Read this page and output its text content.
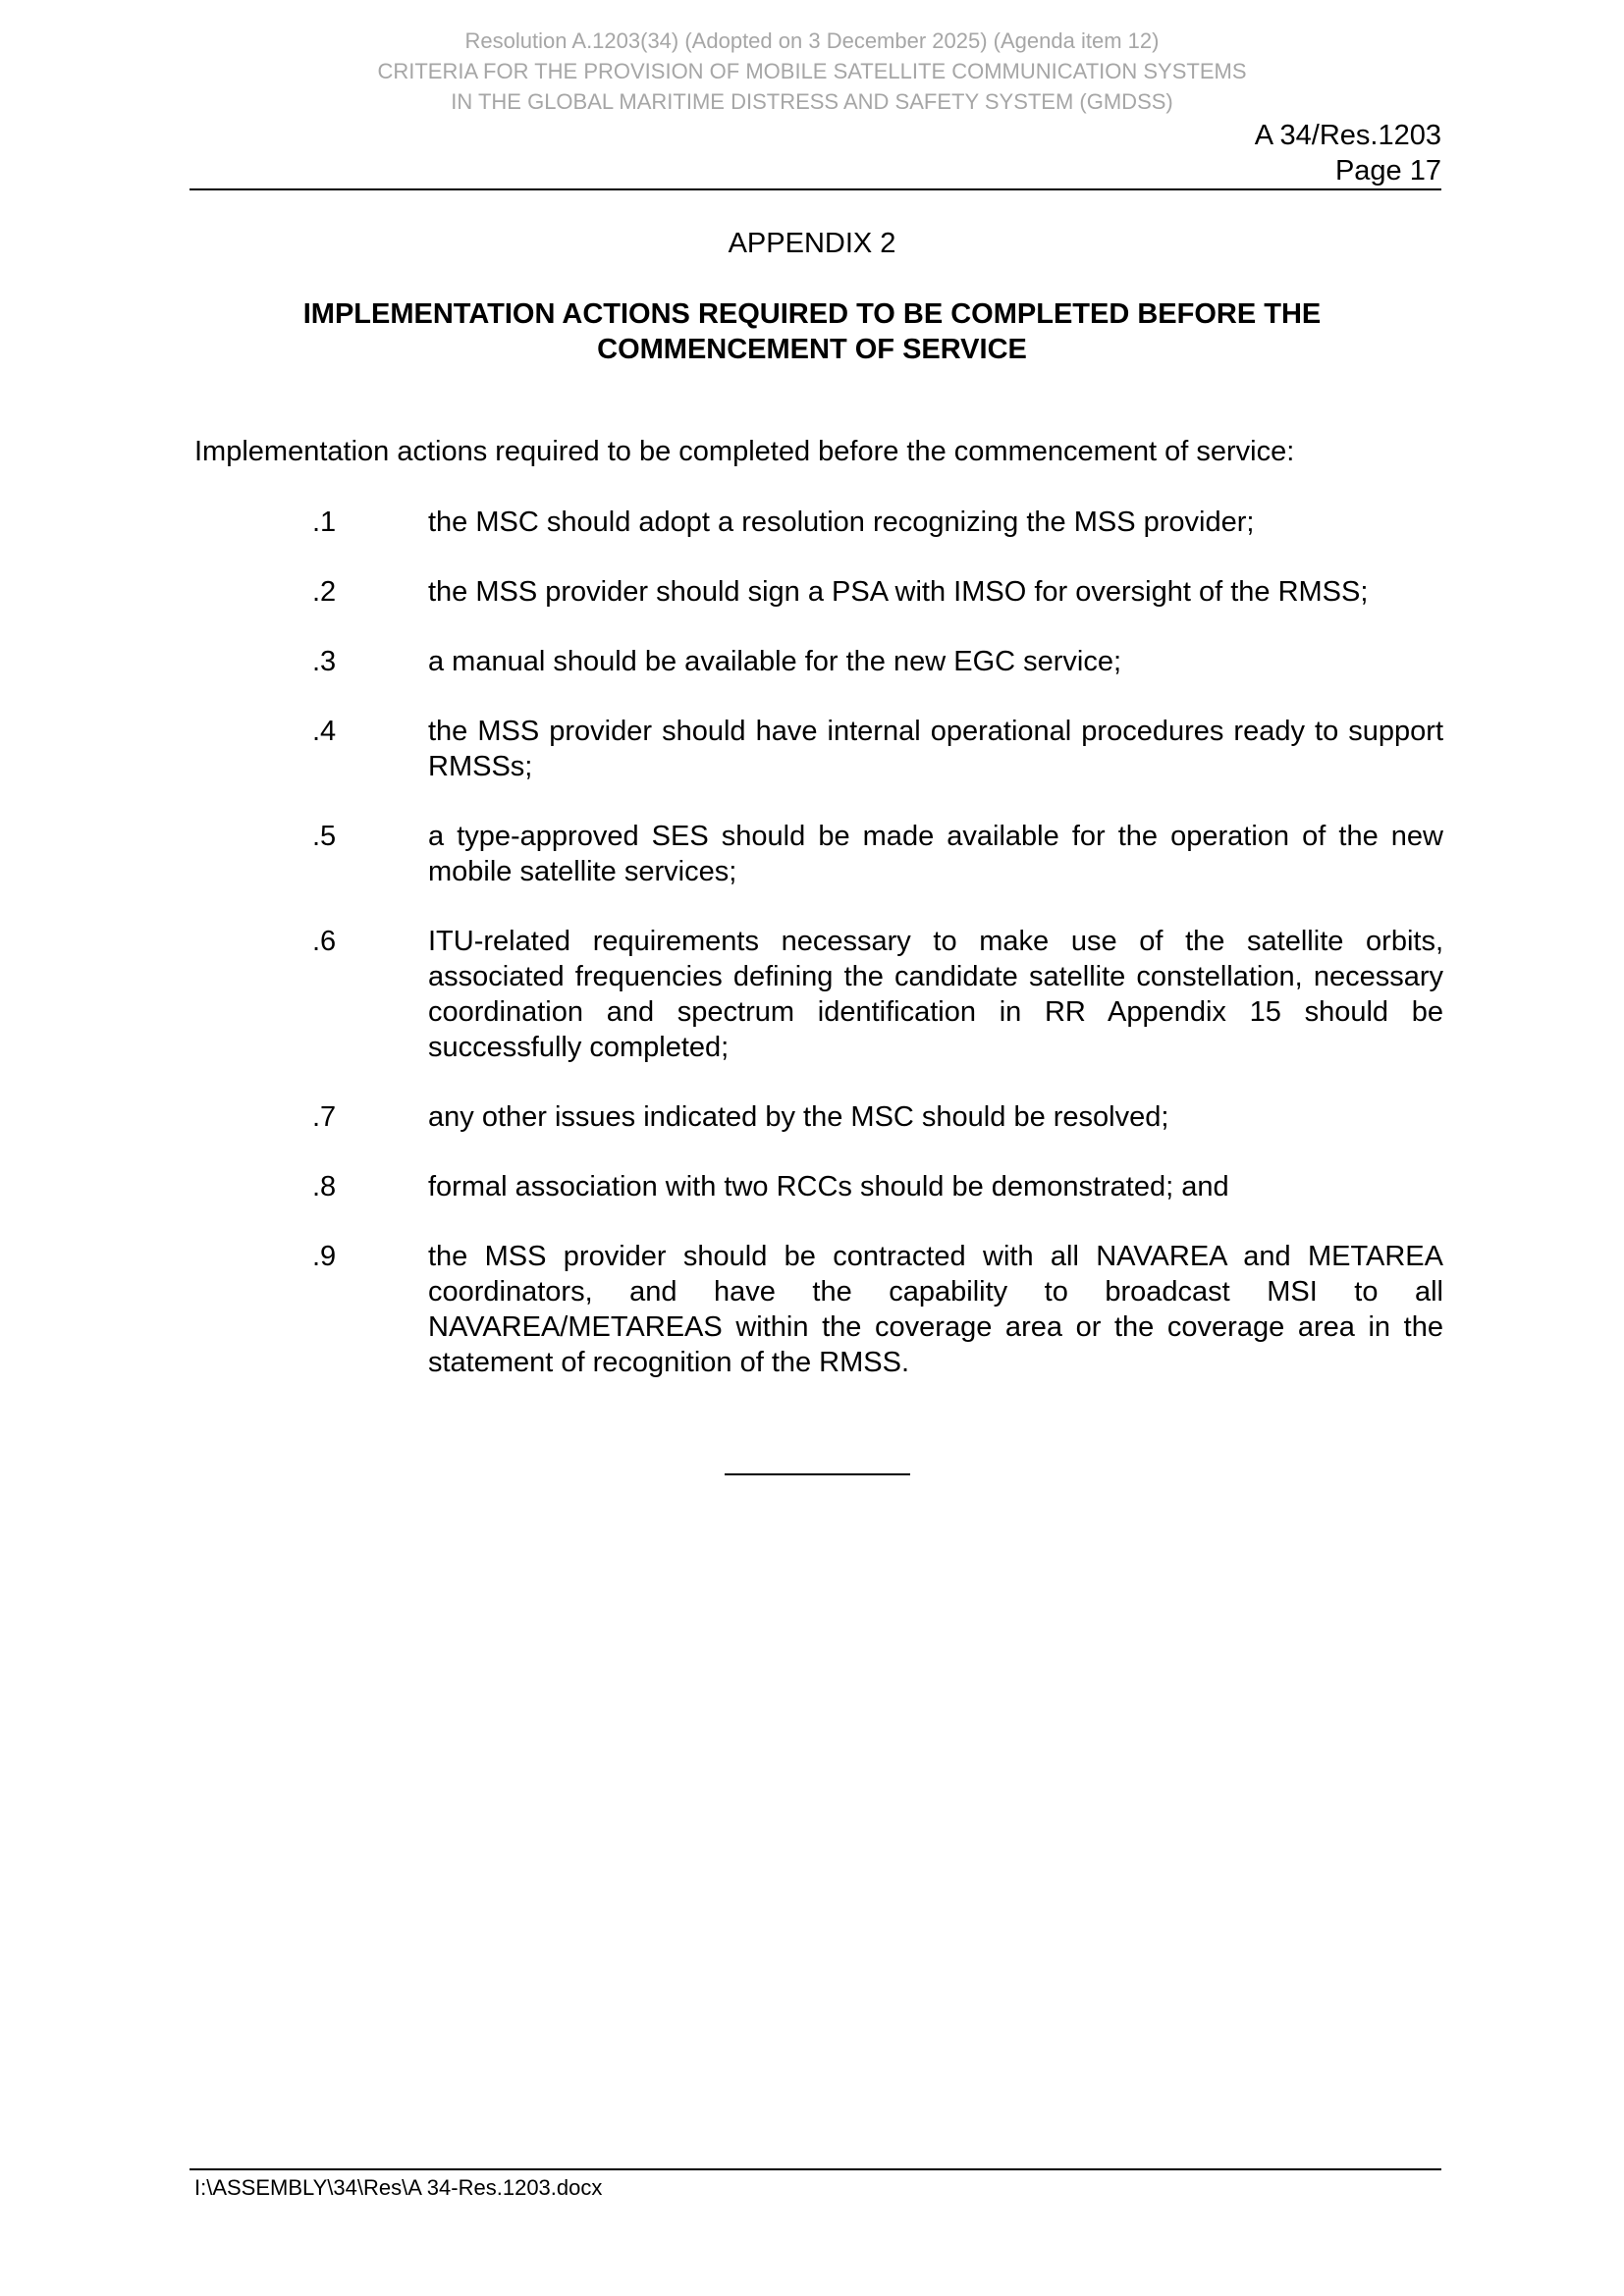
Resolution A.1203(34) (Adopted on 3 December 2025) (Agenda item 12)
CRITERIA FOR THE PROVISION OF MOBILE SATELLITE COMMUNICATION SYSTEMS
IN THE GLOBAL MARITIME DISTRESS AND SAFETY SYSTEM (GMDSS)
A 34/Res.1203
Page 17
APPENDIX 2
IMPLEMENTATION ACTIONS REQUIRED TO BE COMPLETED BEFORE THE COMMENCEMENT OF SERVICE
Implementation actions required to be completed before the commencement of service:
.1	the MSC should adopt a resolution recognizing the MSS provider;
.2	the MSS provider should sign a PSA with IMSO for oversight of the RMSS;
.3	a manual should be available for the new EGC service;
.4	the MSS provider should have internal operational procedures ready to support RMSSs;
.5	a type-approved SES should be made available for the operation of the new mobile satellite services;
.6	ITU-related requirements necessary to make use of the satellite orbits, associated frequencies defining the candidate satellite constellation, necessary coordination and spectrum identification in RR Appendix 15 should be successfully completed;
.7	any other issues indicated by the MSC should be resolved;
.8	formal association with two RCCs should be demonstrated; and
.9	the MSS provider should be contracted with all NAVAREA and METAREA coordinators, and have the capability to broadcast MSI to all NAVAREA/METAREAS within the coverage area or the coverage area in the statement of recognition of the RMSS.
I:\ASSEMBLY\34\Res\A 34-Res.1203.docx
